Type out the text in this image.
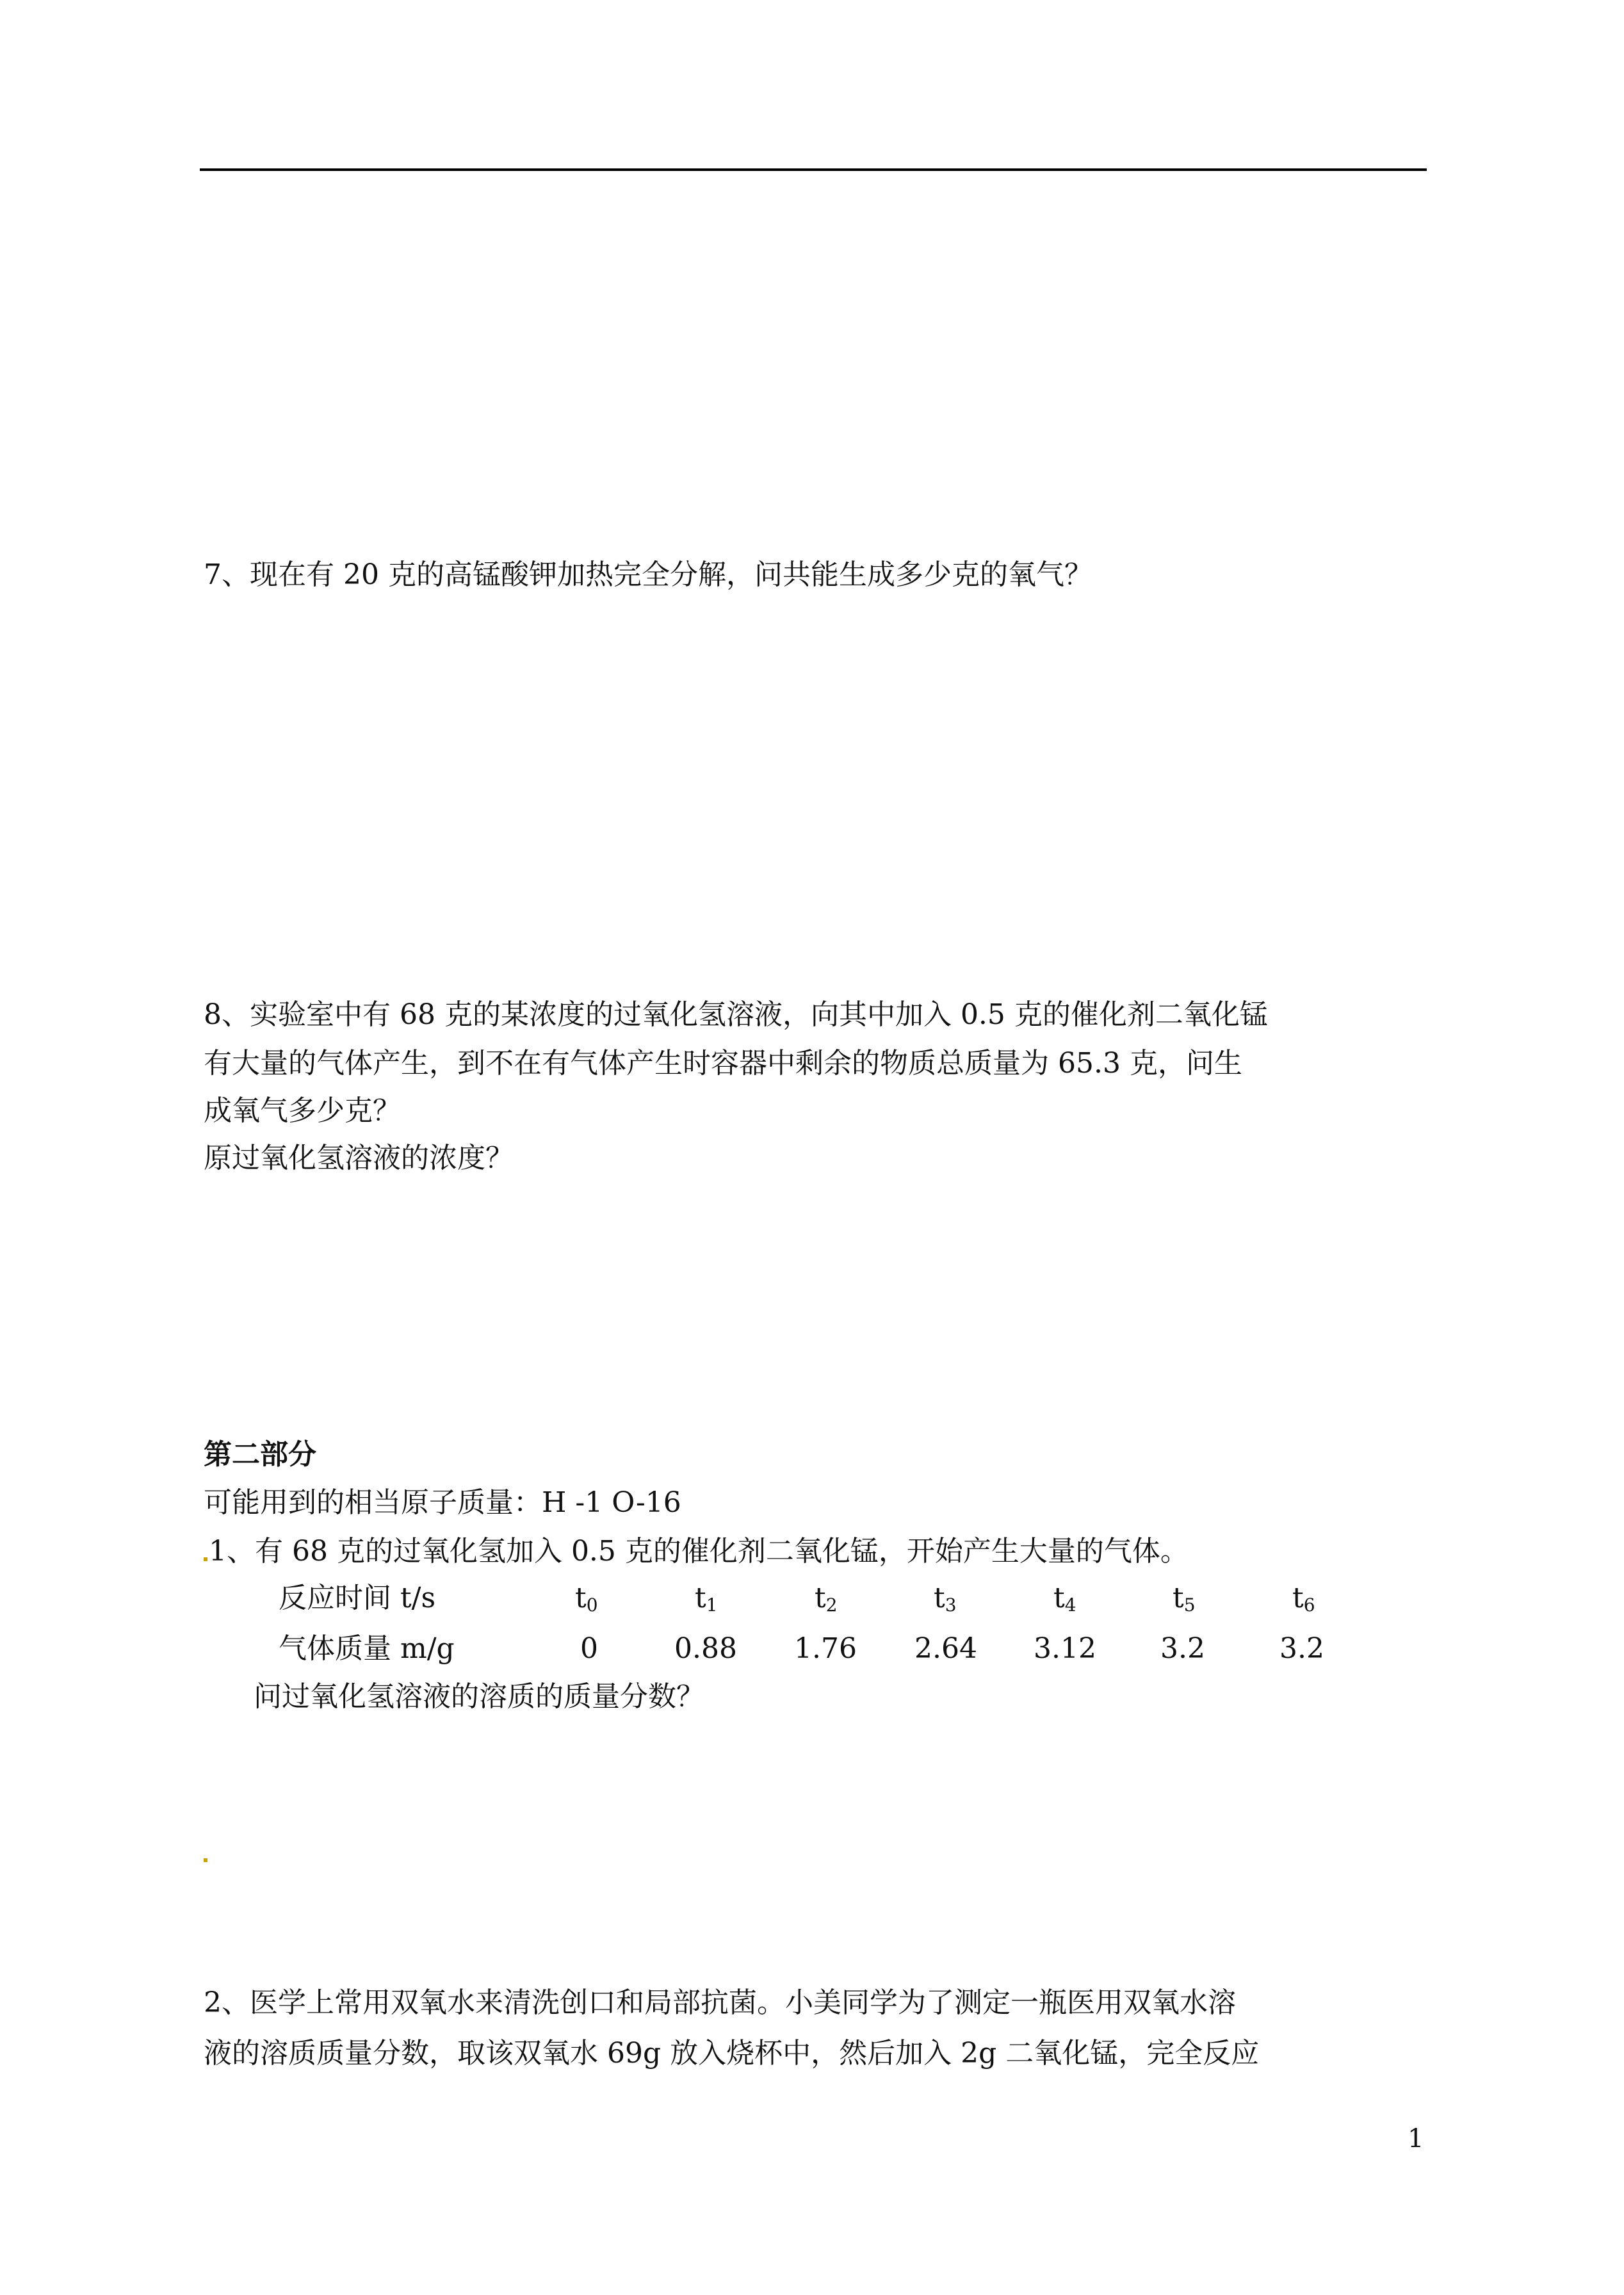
7、现在有 20 克的高锰酸钾加热完全分解，问共能生成多少克的氧气？
8、实验室中有 68 克的某浓度的过氧化氢溶液，向其中加入 0.5 克的催化剂二氧化锰
有大量的气体产生，到不在有气体产生时容器中剩余的物质总质量为 65.3 克，问生
成氧气多少克？
原过氧化氢溶液的浓度？
第二部分
可能用到的相当原子质量：H -1 O-16
1、有 68 克的过氧化氢加入 0.5 克的催化剂二氧化锰，开始产生大量的气体。
反应时间 t/s	$t_0$	$t_1$	$t_2$	$t_3$	$t_4$	$t_5$	$t_6$
气体质量 m/g	0	0.88 1.76 2.64 3.12 3.2	3.2
问过氧化氢溶液的溶质的质量分数？
2、医学上常用双氧水来清洗创口和局部抗菌。小美同学为了测定一瓶医用双氧水溶
液的溶质质量分数，取该双氧水 69g 放入烧杯中，然后加入 2g 二氧化锰，完全反应
1
